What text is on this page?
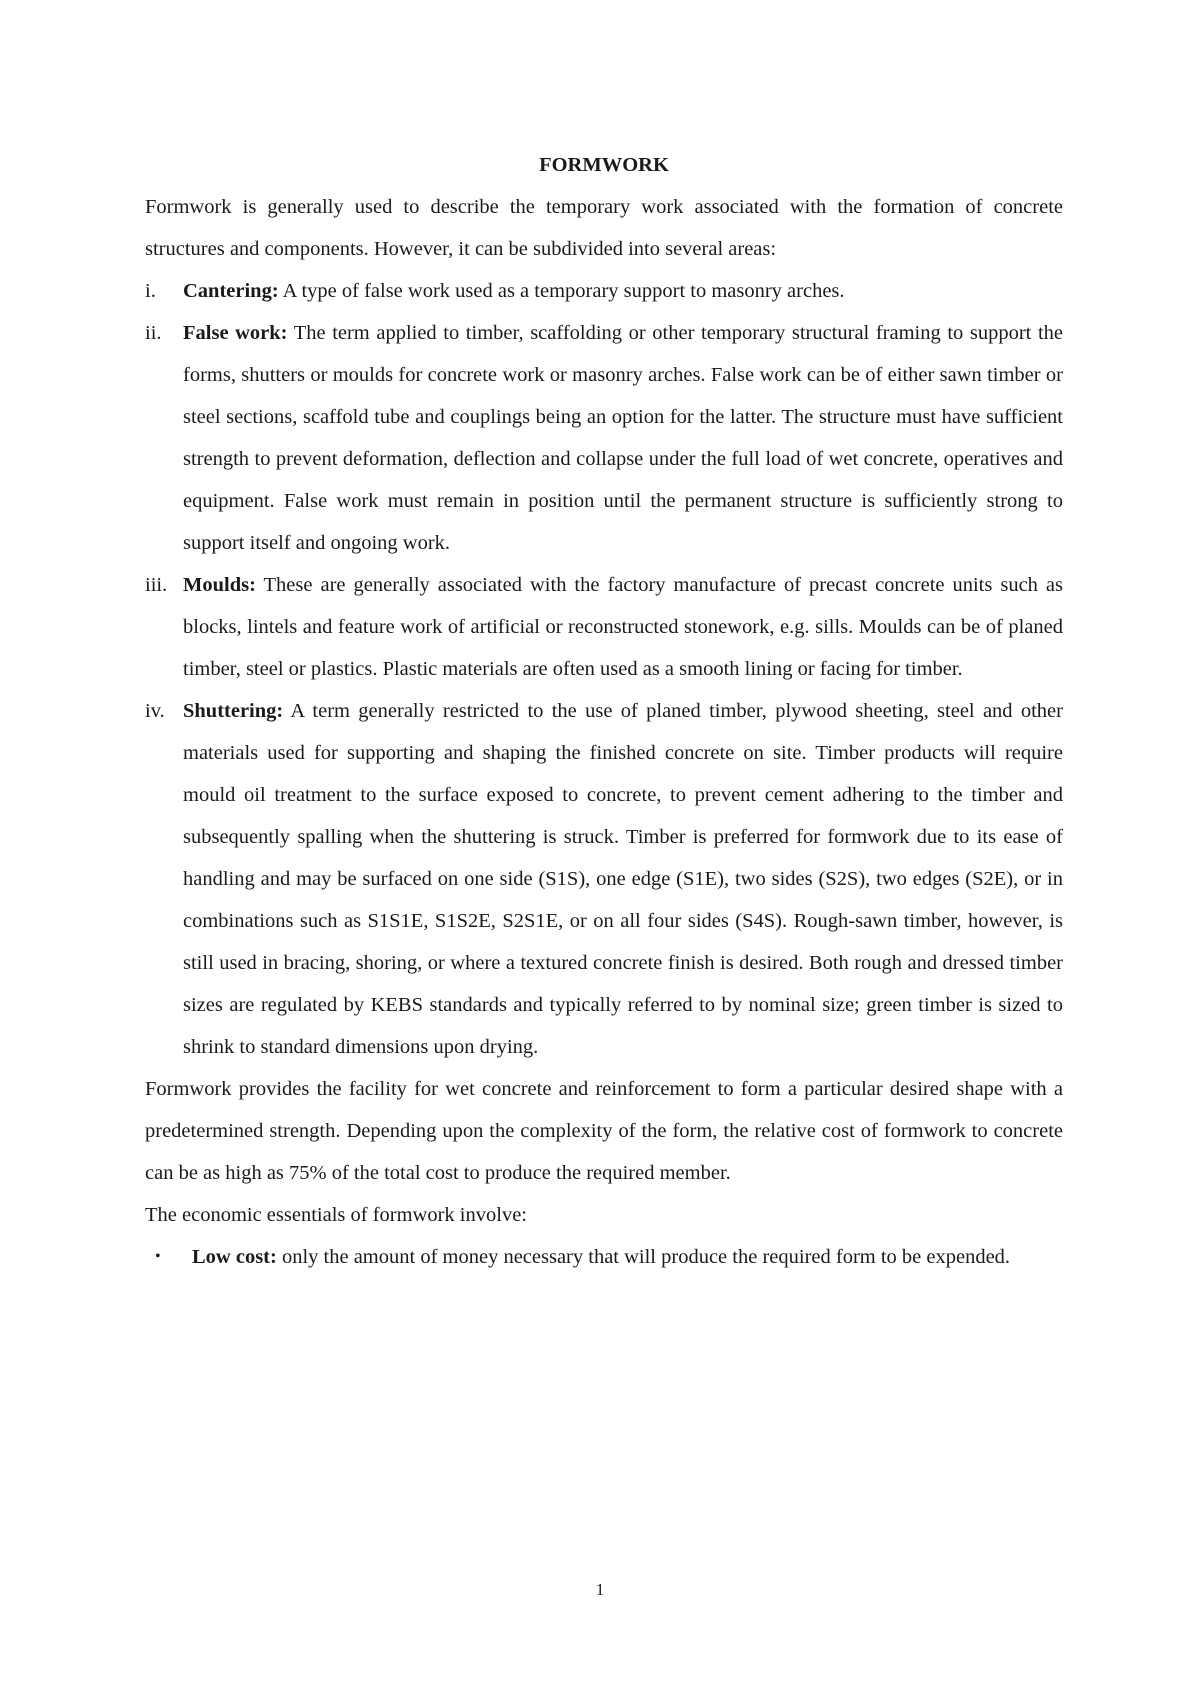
FORMWORK

Formwork is generally used to describe the temporary work associated with the formation of concrete structures and components. However, it can be subdivided into several areas:

i. Cantering: A type of false work used as a temporary support to masonry arches.
ii. False work: The term applied to timber, scaffolding or other temporary structural framing to support the forms, shutters or moulds for concrete work or masonry arches. False work can be of either sawn timber or steel sections, scaffold tube and couplings being an option for the latter. The structure must have sufficient strength to prevent deformation, deflection and collapse under the full load of wet concrete, operatives and equipment. False work must remain in position until the permanent structure is sufficiently strong to support itself and ongoing work.
iii. Moulds: These are generally associated with the factory manufacture of precast concrete units such as blocks, lintels and feature work of artificial or reconstructed stonework, e.g. sills. Moulds can be of planed timber, steel or plastics. Plastic materials are often used as a smooth lining or facing for timber.
iv. Shuttering: A term generally restricted to the use of planed timber, plywood sheeting, steel and other materials used for supporting and shaping the finished concrete on site. Timber products will require mould oil treatment to the surface exposed to concrete, to prevent cement adhering to the timber and subsequently spalling when the shuttering is struck. Timber is preferred for formwork due to its ease of handling and may be surfaced on one side (S1S), one edge (S1E), two sides (S2S), two edges (S2E), or in combinations such as S1S1E, S1S2E, S2S1E, or on all four sides (S4S). Rough-sawn timber, however, is still used in bracing, shoring, or where a textured concrete finish is desired. Both rough and dressed timber sizes are regulated by KEBS standards and typically referred to by nominal size; green timber is sized to shrink to standard dimensions upon drying.

Formwork provides the facility for wet concrete and reinforcement to form a particular desired shape with a predetermined strength. Depending upon the complexity of the form, the relative cost of formwork to concrete can be as high as 75% of the total cost to produce the required member.

The economic essentials of formwork involve:

• Low cost: only the amount of money necessary that will produce the required form to be expended.
1
